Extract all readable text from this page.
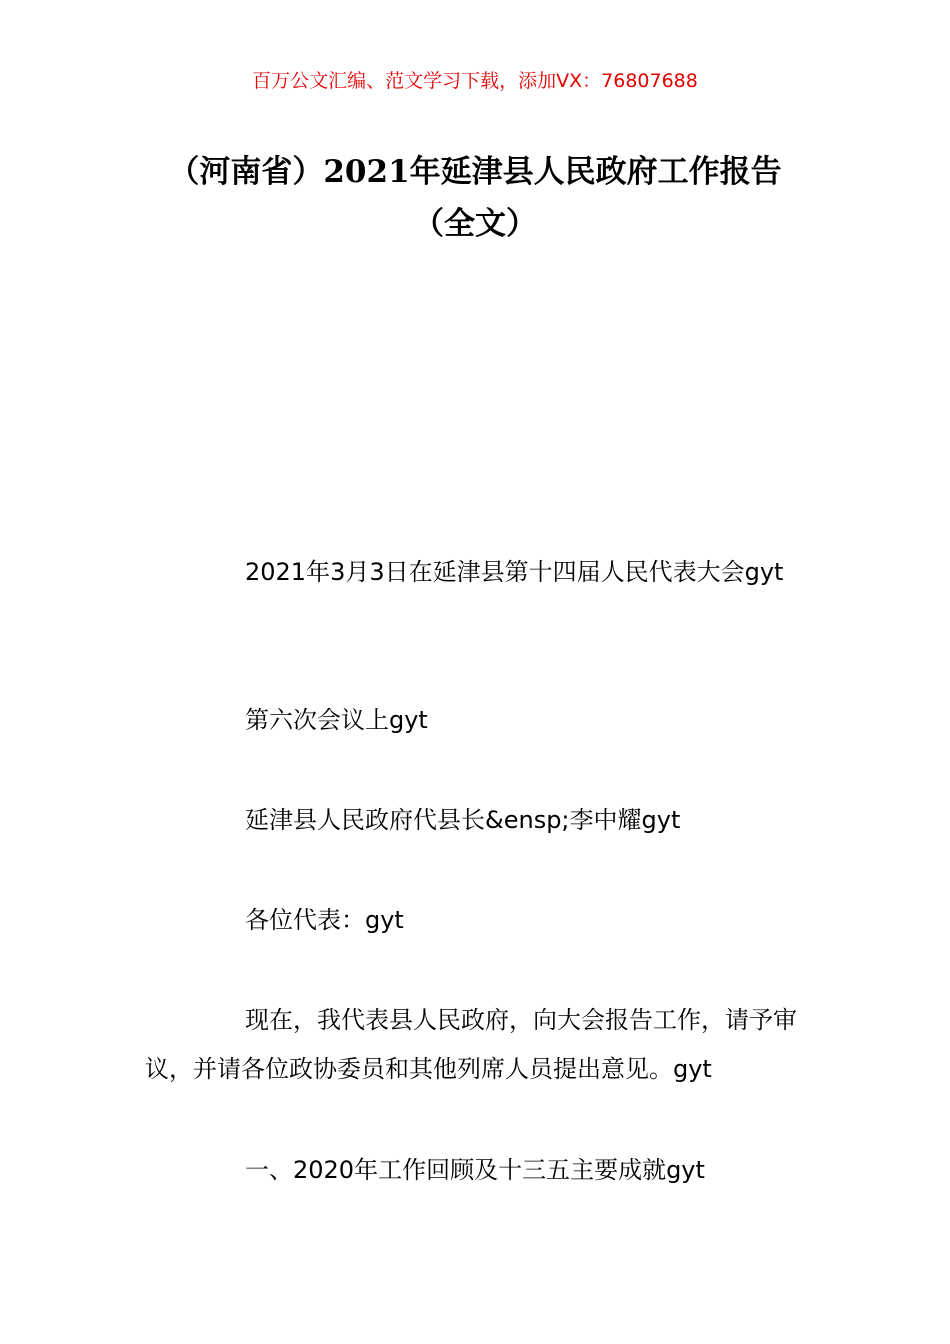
百万公文汇编、范文学习下载，添加VX：76807688
（河南省）2021年延津县人民政府工作报告（全文）

2021年3月3日在延津县第十四届人民代表大会gyt

第六次会议上gyt

延津县人民政府代县长&ensp;李中耀gyt

各位代表：gyt

现在，我代表县人民政府，向大会报告工作，请予审议，并请各位政协委员和其他列席人员提出意见。gyt

一、2020年工作回顾及十三五主要成就gyt
